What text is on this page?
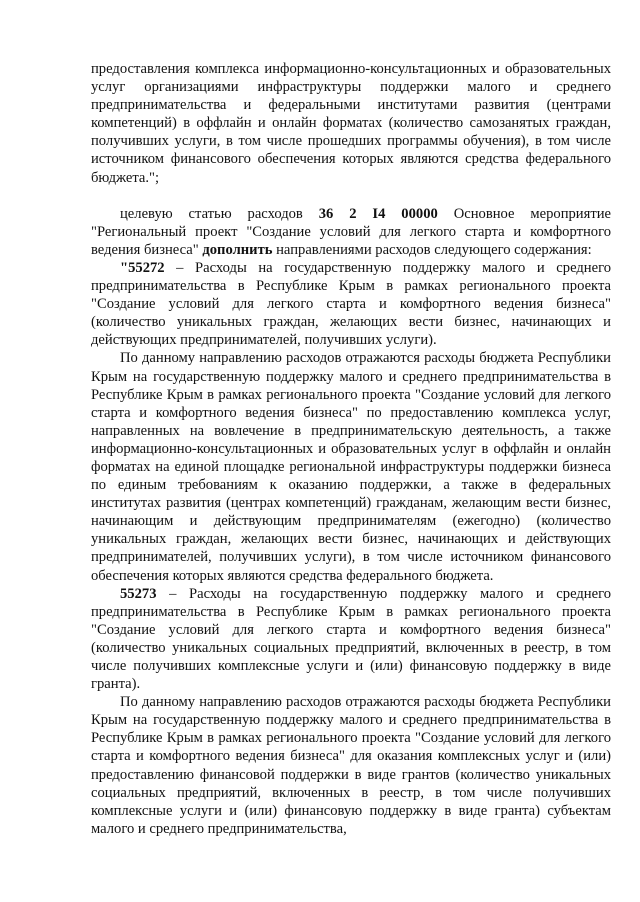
предоставления комплекса информационно-консультационных и образовательных услуг организациями инфраструктуры поддержки малого и среднего предпринимательства и федеральными институтами развития (центрами компетенций) в оффлайн и онлайн форматах (количество самозанятых граждан, получивших услуги, в том числе прошедших программы обучения), в том числе источником финансового обеспечения которых являются средства федерального бюджета.";

целевую статью расходов 36 2 I4 00000 Основное мероприятие "Региональный проект "Создание условий для легкого старта и комфортного ведения бизнеса" дополнить направлениями расходов следующего содержания:

"55272 – Расходы на государственную поддержку малого и среднего предпринимательства в Республике Крым в рамках регионального проекта "Создание условий для легкого старта и комфортного ведения бизнеса" (количество уникальных граждан, желающих вести бизнес, начинающих и действующих предпринимателей, получивших услуги).

По данному направлению расходов отражаются расходы бюджета Республики Крым на государственную поддержку малого и среднего предпринимательства в Республике Крым в рамках регионального проекта "Создание условий для легкого старта и комфортного ведения бизнеса" по предоставлению комплекса услуг, направленных на вовлечение в предпринимательскую деятельность, а также информационно-консультационных и образовательных услуг в оффлайн и онлайн форматах на единой площадке региональной инфраструктуры поддержки бизнеса по единым требованиям к оказанию поддержки, а также в федеральных институтах развития (центрах компетенций) гражданам, желающим вести бизнес, начинающим и действующим предпринимателям (ежегодно) (количество уникальных граждан, желающих вести бизнес, начинающих и действующих предпринимателей, получивших услуги), в том числе источником финансового обеспечения которых являются средства федерального бюджета.

55273 – Расходы на государственную поддержку малого и среднего предпринимательства в Республике Крым в рамках регионального проекта "Создание условий для легкого старта и комфортного ведения бизнеса" (количество уникальных социальных предприятий, включенных в реестр, в том числе получивших комплексные услуги и (или) финансовую поддержку в виде гранта).

По данному направлению расходов отражаются расходы бюджета Республики Крым на государственную поддержку малого и среднего предпринимательства в Республике Крым в рамках регионального проекта "Создание условий для легкого старта и комфортного ведения бизнеса" для оказания комплексных услуг и (или) предоставлению финансовой поддержки в виде грантов (количество уникальных социальных предприятий, включенных в реестр, в том числе получивших комплексные услуги и (или) финансовую поддержку в виде гранта) субъектам малого и среднего предпринимательства,
